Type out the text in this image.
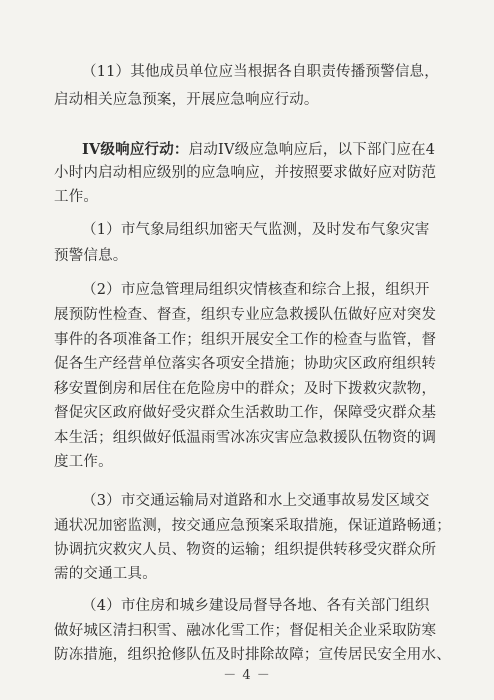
（11）其他成员单位应当根据各自职责传播预警信息，
启动相关应急预案，开展应急响应行动。
IV级响应行动：启动IV级应急响应后，以下部门应在4
小时内启动相应级别的应急响应，并按照要求做好应对防范
工作。
（1）市气象局组织加密天气监测，及时发布气象灾害
预警信息。
（2）市应急管理局组织灾情核查和综合上报，组织开
展预防性检查、督查，组织专业应急救援队伍做好应对突发
事件的各项准备工作；组织开展安全工作的检查与监管，督
促各生产经营单位落实各项安全措施；协助灾区政府组织转
移安置倒房和居住在危险房中的群众；及时下拨救灾款物，
督促灾区政府做好受灾群众生活救助工作，保障受灾群众基
本生活；组织做好低温雨雪冰冻灾害应急救援队伍物资的调
度工作。
（3）市交通运输局对道路和水上交通事故易发区域交
通状况加密监测，按交通应急预案采取措施，保证道路畅通；
协调抗灾救灾人员、物资的运输；组织提供转移受灾群众所
需的交通工具。
（4）市住房和城乡建设局督导各地、各有关部门组织
做好城区清扫积雪、融冰化雪工作；督促相关企业采取防寒
防冻措施，组织抢修队伍及时排除故障；宣传居民安全用水、
－ 4 －
